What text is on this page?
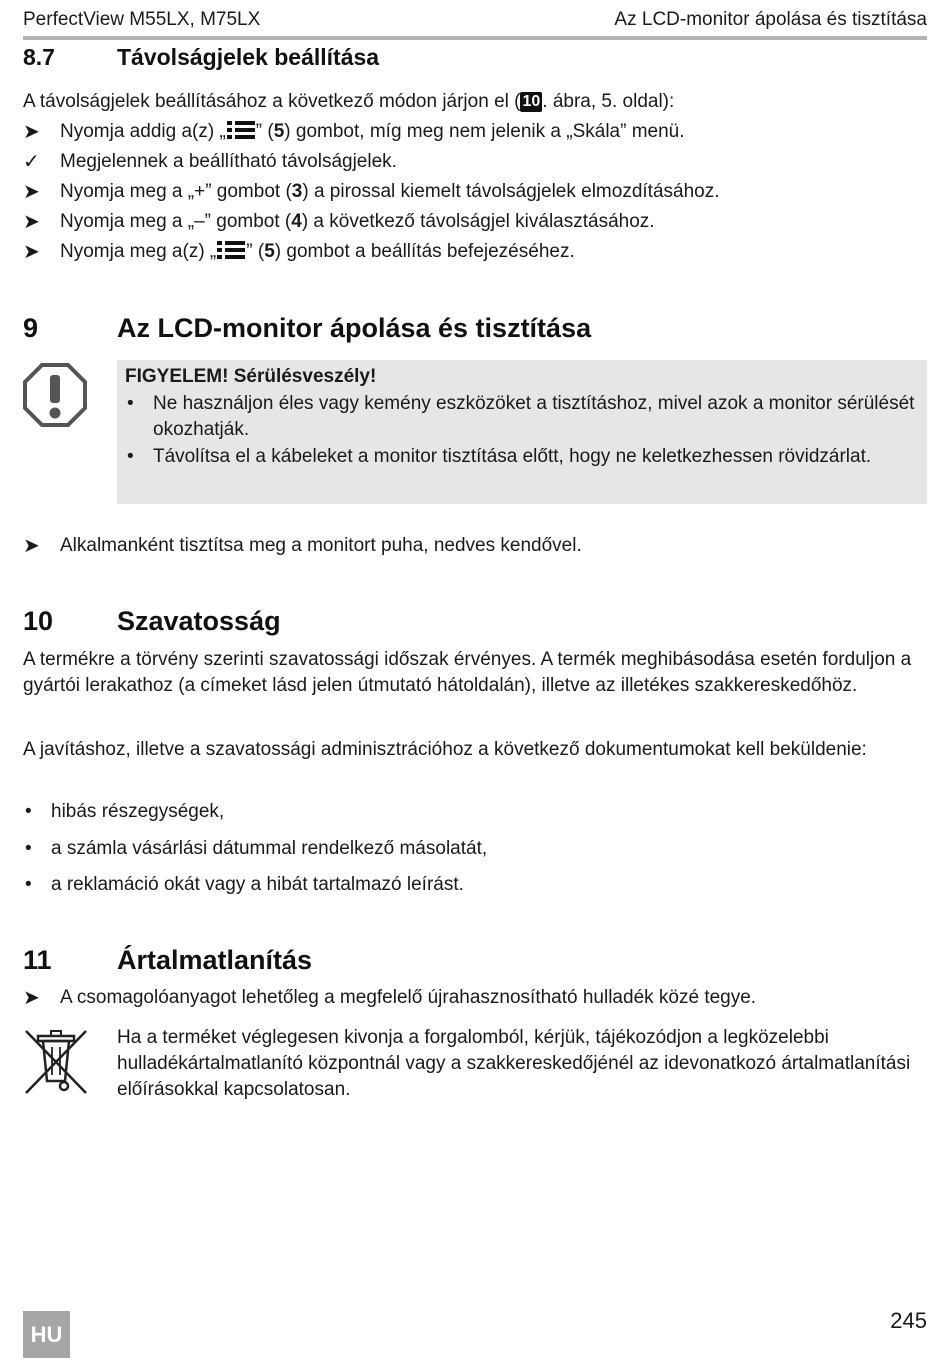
PerfectView M55LX, M75LX	Az LCD-monitor ápolása és tisztítása
8.7	Távolságjelek beállítása
A távolságjelek beállításához a következő módon járjon el ( 10 . ábra, 5. oldal):
➤	Nyomja addig a(z) „ ” (5) gombot, míg meg nem jelenik a „Skála” menü.
✓	Megjelennek a beállítható távolságjelek.
➤	Nyomja meg a „+” gombot (3) a pirossal kiemelt távolságjelek elmozdításához.
➤	Nyomja meg a „–” gombot (4) a következő távolságjel kiválasztásához.
➤	Nyomja meg a(z) „ ” (5) gombot a beállítás befejezéséhez.
9	Az LCD-monitor ápolása és tisztítása
FIGYELEM! Sérülésveszély!
• Ne használjon éles vagy kemény eszközöket a tisztításhoz, mivel azok a monitor sérülését okozhatják.
• Távolítsa el a kábeleket a monitor tisztítása előtt, hogy ne keletkezhessen rövidzárlat.
➤	Alkalmanként tisztítsa meg a monitort puha, nedves kendővel.
10 Szavatosság
A termékre a törvény szerinti szavatossági időszak érvényes. A termék meghibásodása esetén forduljon a gyártói lerakathoz (a címeket lásd jelen útmutató hátoldalán), illetve az illetékes szakkereskedőhöz.
A javításhoz, illetve a szavatossági adminisztrációhoz a következő dokumentumokat kell beküldenie:
• hibás részegységek,
• a számla vásárlási dátummal rendelkező másolatát,
• a reklamáció okát vagy a hibát tartalmazó leírást.
11 Ártalmatlanítás
➤	A csomagolóanyagot lehetőleg a megfelelő újrahasznosítható hulladék közé tegye.
Ha a terméket véglegesen kivonja a forgalomból, kérjük, tájékozódjon a legközelebbi hulladékártalmatlanító központnál vagy a szakkereskedőjénél az idevonatkozó ártalmatlanítási előírásokkal kapcsolatosan.
HU
245
